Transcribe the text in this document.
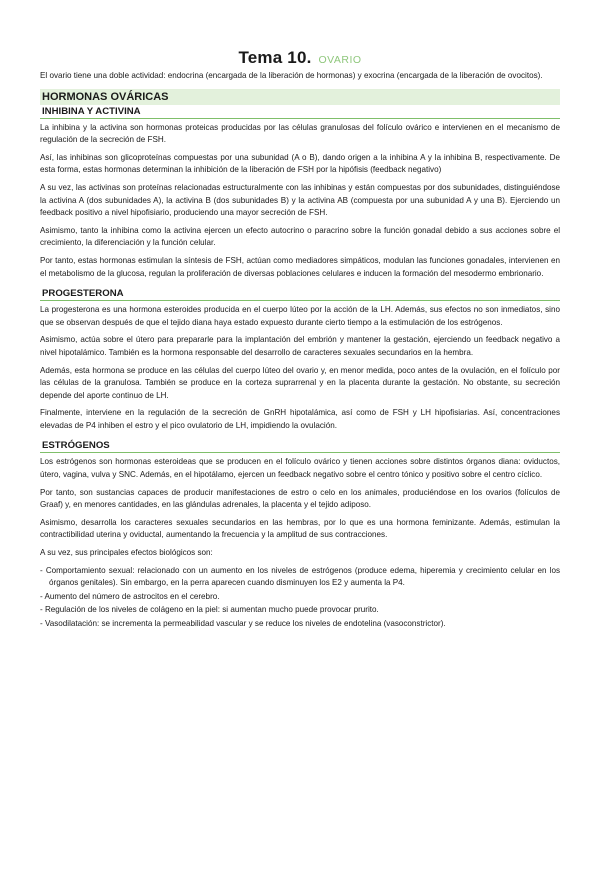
Tema 10. OVARIO

El ovario tiene una doble actividad: endocrina (encargada de la liberación de hormonas) y exocrina (encargada de la liberación de ovocitos).

HORMONAS OVÁRICAS
INHIBINA Y ACTIVINA

La inhibina y la activina son hormonas proteicas producidas por las células granulosas del folículo ovárico e intervienen en el mecanismo de regulación de la secreción de FSH.

Así, las inhibinas son glicoproteínas compuestas por una subunidad (A o B), dando origen a la inhibina A y la inhibina B, respectivamente. De esta forma, estas hormonas determinan la inhibición de la liberación de FSH por la hipófisis (feedback negativo)

A su vez, las activinas son proteínas relacionadas estructuralmente con las inhibinas y están compuestas por dos subunidades, distinguiéndose la activina A (dos subunidades A), la activina B (dos subunidades B) y la activina AB (compuesta por una subunidad A y una B). Ejerciendo un feedback positivo a nivel hipofisiario, produciendo una mayor secreción de FSH.

Asimismo, tanto la inhibina como la activina ejercen un efecto autocrino o paracrino sobre la función gonadal debido a sus acciones sobre el crecimiento, la diferenciación y la función celular.

Por tanto, estas hormonas estimulan la síntesis de FSH, actúan como mediadores simpáticos, modulan las funciones gonadales, intervienen en el metabolismo de la glucosa, regulan la proliferación de diversas poblaciones celulares e inducen la formación del mesodermo embrionario.

PROGESTERONA

La progesterona es una hormona esteroides producida en el cuerpo lúteo por la acción de la LH. Además, sus efectos no son inmediatos, sino que se observan después de que el tejido diana haya estado expuesto durante cierto tiempo a la estimulación de los estrógenos.

Asimismo, actúa sobre el útero para prepararle para la implantación del embrión y mantener la gestación, ejerciendo un feedback negativo a nivel hipotalámico. También es la hormona responsable del desarrollo de caracteres sexuales secundarios en la hembra.

Además, esta hormona se produce en las células del cuerpo lúteo del ovario y, en menor medida, poco antes de la ovulación, en el folículo por las células de la granulosa. También se produce en la corteza suprarrenal y en la placenta durante la gestación. No obstante, su secreción depende del aporte continuo de LH.

Finalmente, interviene en la regulación de la secreción de GnRH hipotalámica, así como de FSH y LH hipofisiarias. Así, concentraciones elevadas de P4 inhiben el estro y el pico ovulatorio de LH, impidiendo la ovulación.

ESTRÓGENOS

Los estrógenos son hormonas esteroideas que se producen en el folículo ovárico y tienen acciones sobre distintos órganos diana: oviductos, útero, vagina, vulva y SNC. Además, en el hipotálamo, ejercen un feedback negativo sobre el centro tónico y positivo sobre el centro cíclico.

Por tanto, son sustancias capaces de producir manifestaciones de estro o celo en los animales, produciéndose en los ovarios (folículos de Graaf) y, en menores cantidades, en las glándulas adrenales, la placenta y el tejido adiposo.

Asimismo, desarrolla los caracteres sexuales secundarios en las hembras, por lo que es una hormona feminizante. Además, estimulan la contractibilidad uterina y oviductal, aumentando la frecuencia y la amplitud de sus contracciones.

A su vez, sus principales efectos biológicos son:

- Comportamiento sexual: relacionado con un aumento en los niveles de estrógenos (produce edema, hiperemia y crecimiento celular en los órganos genitales). Sin embargo, en la perra aparecen cuando disminuyen los E2 y aumenta la P4.
- Aumento del número de astrocitos en el cerebro.
- Regulación de los niveles de colágeno en la piel: si aumentan mucho puede provocar prurito.
- Vasodilatación: se incrementa la permeabilidad vascular y se reduce los niveles de endotelina (vasoconstrictor).
